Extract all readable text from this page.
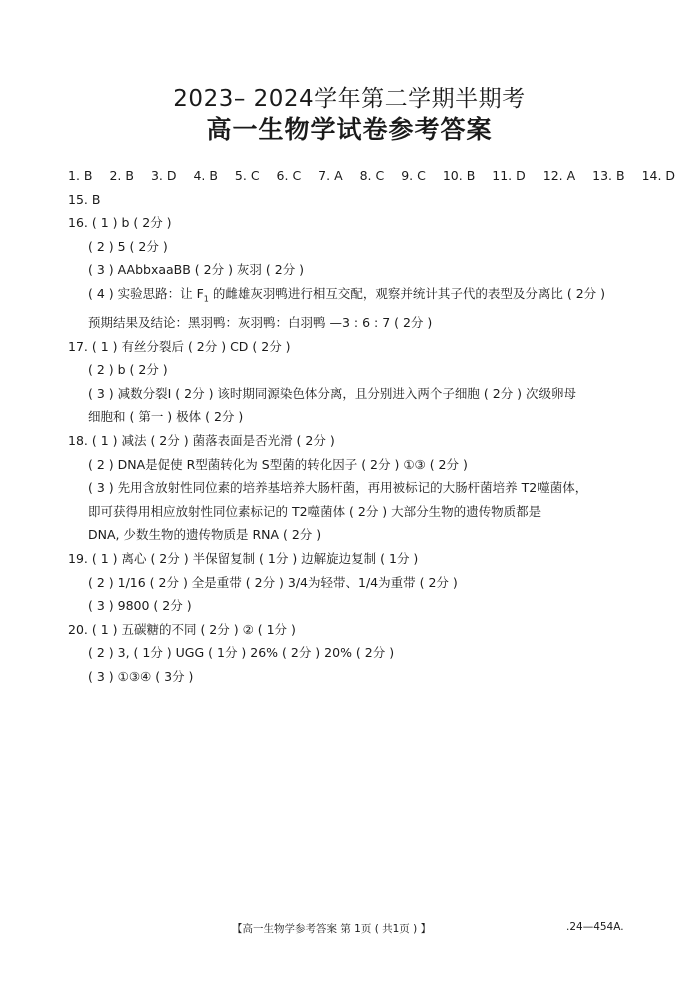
2023– 2024学年第二学期半期考
高一生物学试卷参考答案
1. B 2. B 3. D 4. B 5. C 6. C 7. A 8. C 9. C 10. B 11. D 12. A 13. B 14. D
15. B
16. ( 1 ) b ( 2分 )
( 2 ) 5 ( 2分 )
( 3 ) AAbbxaaBB ( 2分 ) 灰羽 ( 2分 )
( 4 ) 实验思路：让 $F_1$ 的雌雄灰羽鸭进行相互交配，观察并统计其子代的表型及分离比 ( 2分 )
预期结果及结论：黑羽鸭：灰羽鸭：白羽鸭 —3 : 6 : 7 ( 2分 )
17. ( 1 ) 有丝分裂后 ( 2分 ) CD ( 2分 )
( 2 ) b ( 2分 )
( 3 ) 减数分裂I ( 2分 ) 该时期同源染色体分离，且分别进入两个子细胞 ( 2分 ) 次级卵母
细胞和 ( 第一 ) 极体 ( 2分 )
18. ( 1 ) 减法 ( 2分 ) 菌落表面是否光滑 ( 2分 )
( 2 ) DNA是促使 R型菌转化为 S型菌的转化因子 ( 2分 ) ①③ ( 2分 )
( 3 ) 先用含放射性同位素的培养基培养大肠杆菌，再用被标记的大肠杆菌培养 T2噬菌体，
即可获得用相应放射性同位素标记的 T2噬菌体 ( 2分 ) 大部分生物的遗传物质都是
DNA, 少数生物的遗传物质是 RNA ( 2分 )
19. ( 1 ) 离心 ( 2分 ) 半保留复制 ( 1分 ) 边解旋边复制 ( 1分 )
( 2 ) 1/16 ( 2分 ) 全是重带 ( 2分 ) 3/4为轻带、1/4为重带 ( 2分 )
( 3 ) 9800 ( 2分 )
20. ( 1 ) 五碳糖的不同 ( 2分 ) ② ( 1分 )
( 2 ) 3, ( 1分 ) UGG ( 1分 ) 26% ( 2分 ) 20% ( 2分 )
( 3 ) ①③④ ( 3分 )
【高一生物学参考答案 第 1页 ( 共1页 ) 】	.24—454A.
